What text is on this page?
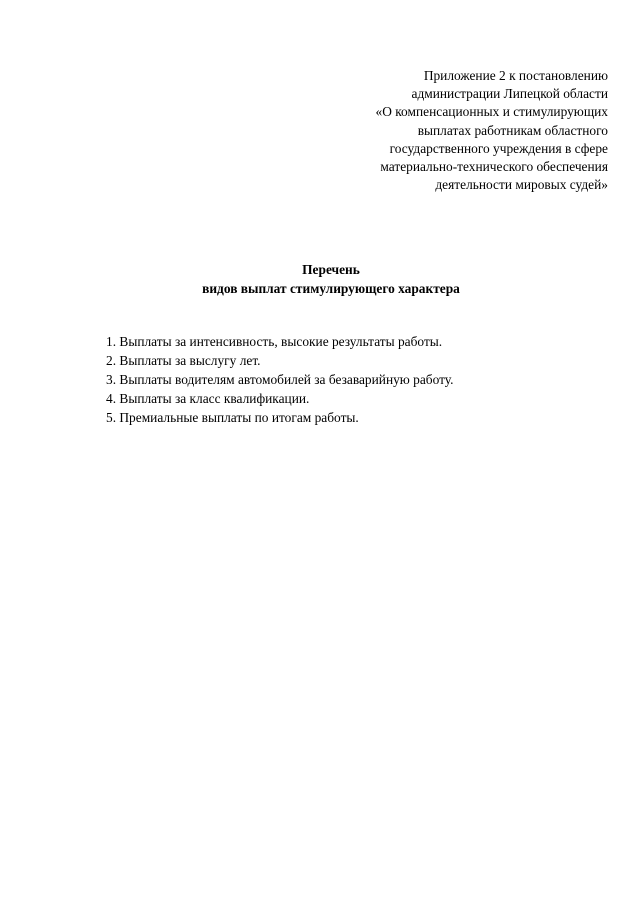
Приложение 2 к постановлению
администрации Липецкой области
«О компенсационных и стимулирующих
выплатах работникам областного
государственного учреждения в сфере
материально-технического обеспечения
деятельности мировых судей»
Перечень
видов выплат стимулирующего характера
1. Выплаты за интенсивность, высокие результаты работы.
2. Выплаты за выслугу лет.
3. Выплаты водителям автомобилей за безаварийную работу.
4. Выплаты за класс квалификации.
5. Премиальные выплаты по итогам работы.
